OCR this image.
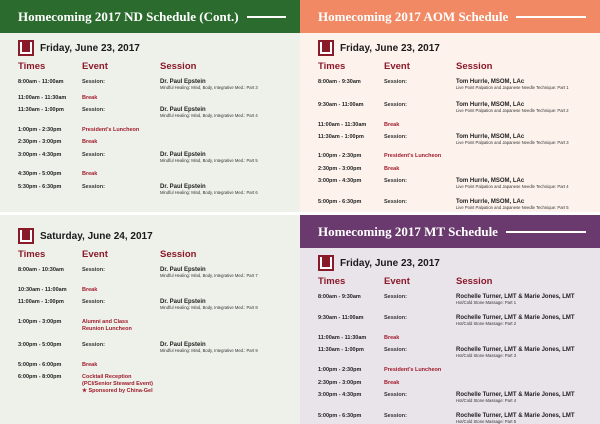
Homecoming 2017 ND Schedule (Cont.)
Friday, June 23, 2017
Times	Event	Session
8:00am - 11:00am	Session:	Dr. Paul Epstein
Mindful Healing: Mind, Body, Integrative Med.: Part 3
11:00am - 11:30am	Break
11:30am - 1:00pm	Session:	Dr. Paul Epstein
Mindful Healing: Mind, Body, Integrative Med.: Part 4
1:00pm - 2:30pm	President's Luncheon
2:30pm - 3:00pm	Break
3:00pm - 4:30pm	Session:	Dr. Paul Epstein
Mindful Healing: Mind, Body, Integrative Med.: Part 5
4:30pm - 5:00pm	Break
5:30pm - 6:30pm	Session:	Dr. Paul Epstein
Mindful Healing: Mind, Body, Integrative Med.: Part 6
Homecoming 2017 AOM Schedule
Friday, June 23, 2017
Times	Event	Session
8:00am - 9:30am	Session:	Tom Hurrle, MSOM, LAc
Live Point Palpation and Japanese Needle Technique: Part 1
9:30am - 11:00am	Session:	Tom Hurrle, MSOM, LAc
Live Point Palpation and Japanese Needle Technique: Part 2
11:00am - 11:30am	Break
11:30am - 1:00pm	Session:	Tom Hurrle, MSOM, LAc
Live Point Palpation and Japanese Needle Technique: Part 3
1:00pm - 2:30pm	President's Luncheon
2:30pm - 3:00pm	Break
3:00pm - 4:30pm	Session:	Tom Hurrle, MSOM, LAc
Live Point Palpation and Japanese Needle Technique: Part 4
5:00pm - 6:30pm	Session:	Tom Hurrle, MSOM, LAc
Live Point Palpation and Japanese Needle Technique: Part 5
Saturday, June 24, 2017
Times	Event	Session
8:00am - 10:30am	Session:	Dr. Paul Epstein
Mindful Healing: Mind, Body, Integrative Med.: Part 7
10:30am - 11:00am	Break
11:00am - 1:00pm	Session:	Dr. Paul Epstein
Mindful Healing: Mind, Body, Integrative Med.: Part 8
1:00pm - 3:00pm	Alumni and Class
Reunion Luncheon
3:00pm - 5:00pm	Session:	Dr. Paul Epstein
Mindful Healing: Mind, Body, Integrative Med.: Part 9
5:00pm - 6:00pm	Break
6:00pm - 8:00pm	Cocktail Reception
(PCI/Senior Steward Event)
★ Sponsored by China-Gel
Homecoming 2017 MT Schedule
Friday, June 23, 2017
Times	Event	Session
8:00am - 9:30am	Session:	Rochelle Turner, LMT & Marie Jones, LMT
Hot/Cold Stone Massage: Part 1
9:30am - 11:00am	Session:	Rochelle Turner, LMT & Marie Jones, LMT
Hot/Cold Stone Massage: Part 2
11:00am - 11:30am	Break
11:30am - 1:00pm	Session:	Rochelle Turner, LMT & Marie Jones, LMT
Hot/Cold Stone Massage: Part 3
1:00pm - 2:30pm	President's Luncheon
2:30pm - 3:00pm	Break
3:00pm - 4:30pm	Session:	Rochelle Turner, LMT & Marie Jones, LMT
Hot/Cold Stone Massage: Part 4
5:00pm - 6:30pm	Session:	Rochelle Turner, LMT & Marie Jones, LMT
Hot/Cold Stone Massage: Part 5
